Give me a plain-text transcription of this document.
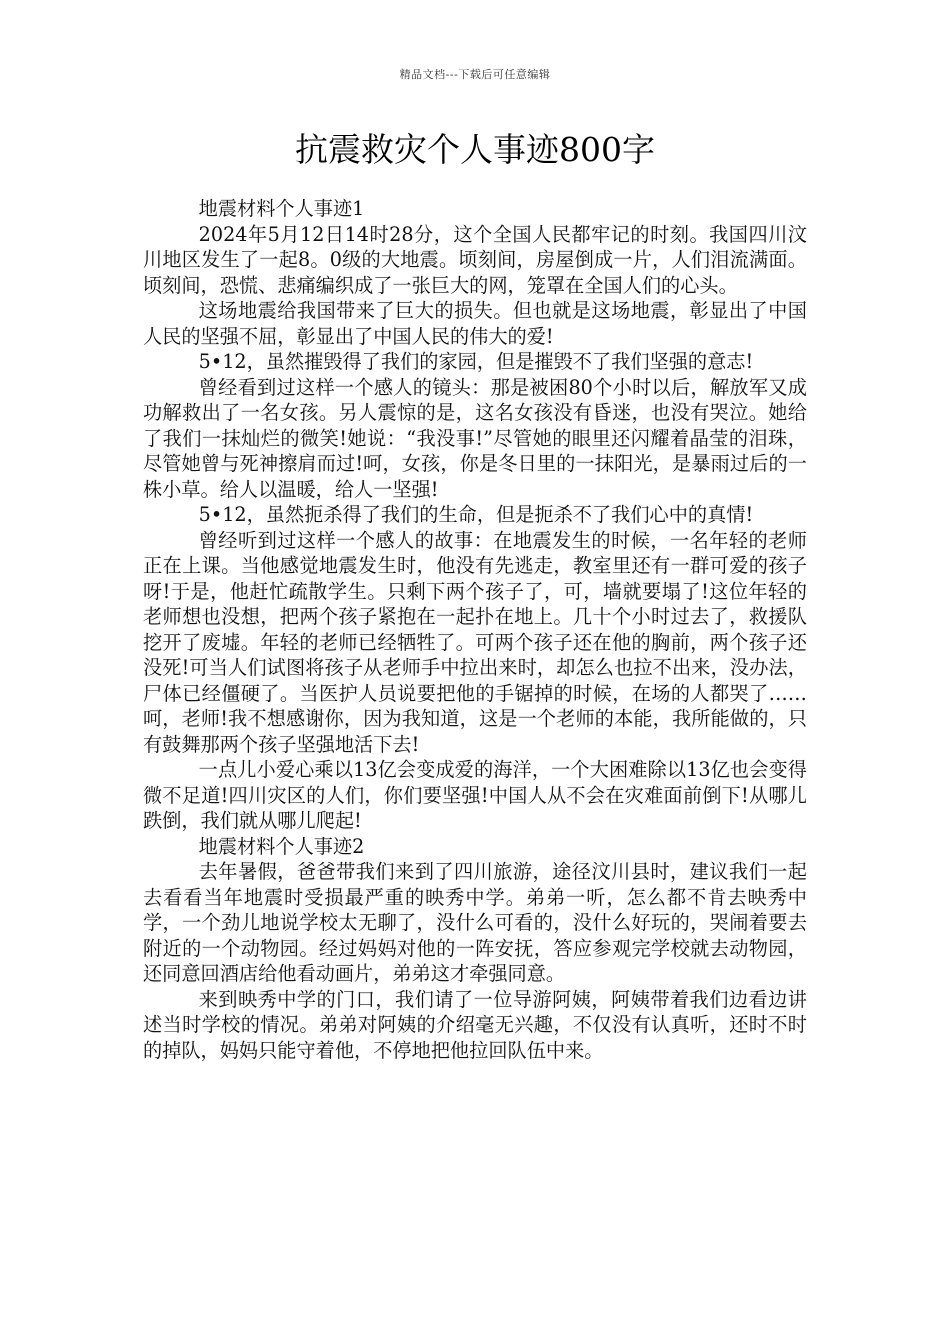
精品文档---下载后可任意编辑
抗震救灾个人事迹800字

地震材料个人事迹1

2024年5月12日14时28分，这个全国人民都牢记的时刻。我国四川汶川地区发生了一起8。0级的大地震。顷刻间，房屋倒成一片，人们泪流满面。顷刻间，恐慌、悲痛编织成了一张巨大的网，笼罩在全国人们的心头。

这场地震给我国带来了巨大的损失。但也就是这场地震，彰显出了中国人民的坚强不屈，彰显出了中国人民的伟大的爱!

5•12，虽然摧毁得了我们的家园，但是摧毁不了我们坚强的意志!

曾经看到过这样一个感人的镜头：那是被困80个小时以后，解放军又成功解救出了一名女孩。另人震惊的是，这名女孩没有昏迷，也没有哭泣。她给了我们一抹灿烂的微笑!她说：“我没事!”尽管她的眼里还闪耀着晶莹的泪珠，尽管她曾与死神擦肩而过!呵，女孩，你是冬日里的一抹阳光，是暴雨过后的一株小草。给人以温暖，给人一坚强!

5•12，虽然扼杀得了我们的生命，但是扼杀不了我们心中的真情!

曾经听到过这样一个感人的故事：在地震发生的时候，一名年轻的老师正在上课。当他感觉地震发生时，他没有先逃走，教室里还有一群可爱的孩子呀!于是，他赶忙疏散学生。只剩下两个孩子了，可，墙就要塌了!这位年轻的老师想也没想，把两个孩子紧抱在一起扑在地上。几十个小时过去了，救援队挖开了废墟。年轻的老师已经牺牲了。可两个孩子还在他的胸前，两个孩子还没死!可当人们试图将孩子从老师手中拉出来时，却怎么也拉不出来，没办法，尸体已经僵硬了。当医护人员说要把他的手锯掉的时候，在场的人都哭了……呵，老师!我不想感谢你，因为我知道，这是一个老师的本能，我所能做的，只有鼓舞那两个孩子坚强地活下去!

一点儿小爱心乘以13亿会变成爱的海洋，一个大困难除以13亿也会变得微不足道!四川灾区的人们，你们要坚强!中国人从不会在灾难面前倒下!从哪儿跌倒，我们就从哪儿爬起!

地震材料个人事迹2

去年暑假，爸爸带我们来到了四川旅游，途径汶川县时，建议我们一起去看看当年地震时受损最严重的映秀中学。弟弟一听，怎么都不肯去映秀中学，一个劲儿地说学校太无聊了，没什么可看的，没什么好玩的，哭闹着要去附近的一个动物园。经过妈妈对他的一阵安抚，答应参观完学校就去动物园，还同意回酒店给他看动画片，弟弟这才牵强同意。

来到映秀中学的门口，我们请了一位导游阿姨，阿姨带着我们边看边讲述当时学校的情况。弟弟对阿姨的介绍毫无兴趣，不仅没有认真听，还时不时的掉队，妈妈只能守着他，不停地把他拉回队伍中来。
